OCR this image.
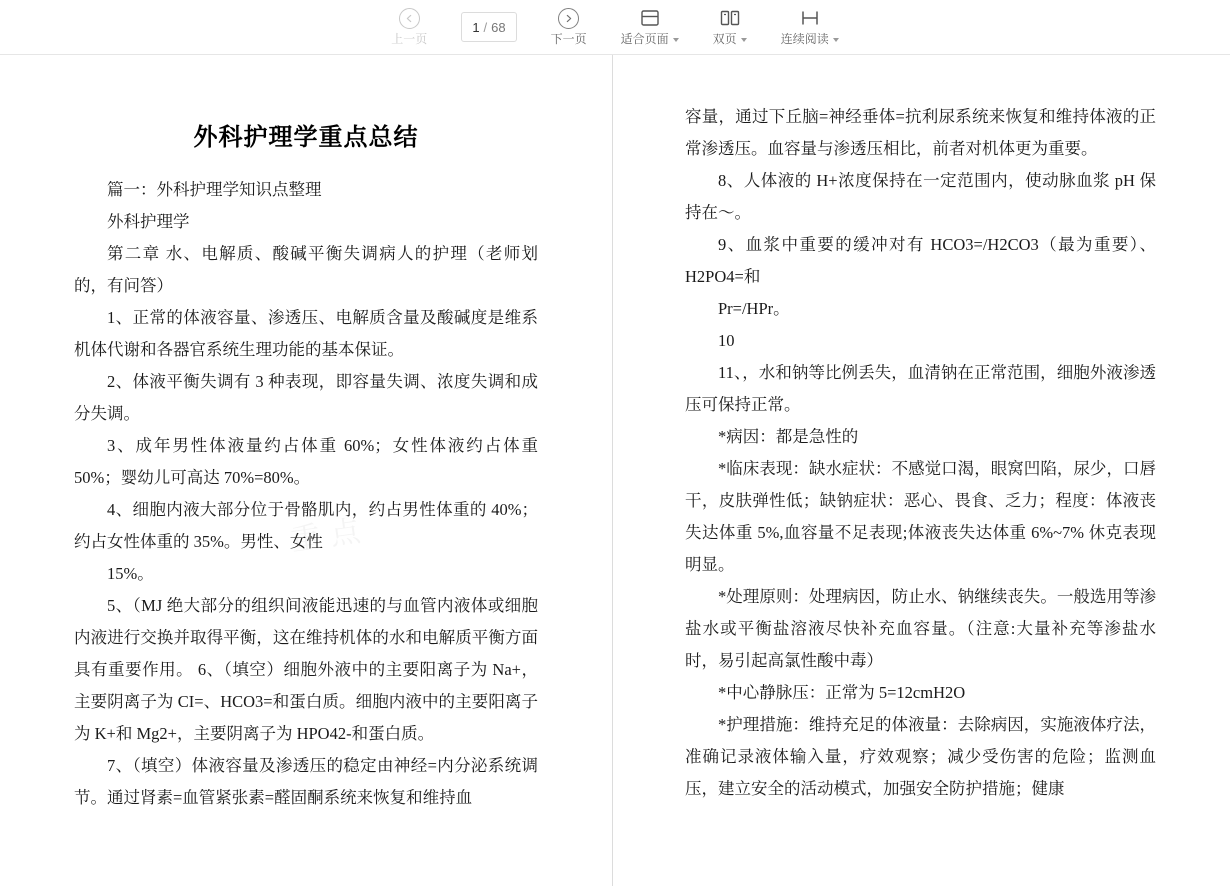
上一页
1 / 68
下一页	适合页面	双页	连续阅读
外科护理学重点总结

篇一：外科护理学知识点整理

外科护理学

第二章 水、电解质、酸碱平衡失调病人的护理（老师划的，有问答）

1、正常的体液容量、渗透压、电解质含量及酸碱度是维系机体代谢和各器官系统生理功能的基本保证。

2、体液平衡失调有 3 种表现，即容量失调、浓度失调和成分失调。

3、成年男性体液量约占体重 60%；女性体液约占体重 50%；婴幼儿可高达 70%=80%。

4、细胞内液大部分位于骨骼肌内，约占男性体重的 40%；约占女性体重的 35%。男性、女性

15%。

5、（MJ 绝大部分的组织间液能迅速的与血管内液体或细胞内液进行交换并取得平衡，这在维持机体的水和电解质平衡方面具有重要作用。 6、（填空）细胞外液中的主要阳离子为 Na+，主要阴离子为 CI=、HCO3=和蛋白质。细胞内液中的主要阳离子为 K+和 Mg2+，主要阴离子为 HPO42-和蛋白质。

7、（填空）体液容量及渗透压的稳定由神经=内分泌系统调节。通过肾素=血管紧张素=醛固酮系统来恢复和维持血

容量，通过下丘脑=神经垂体=抗利尿系统来恢复和维持体液的正常渗透压。血容量与渗透压相比，前者对机体更为重要。

8、人体液的 H+浓度保持在一定范围内，使动脉血浆 pH 保持在～。

9、血浆中重要的缓冲对有 HCO3=/H2CO3（最为重要）、H2PO4=和

Pr=/HPr。

10

11、，水和钠等比例丢失，血清钠在正常范围，细胞外液渗透压可保持正常。

*病因：都是急性的

*临床表现：缺水症状：不感觉口渴，眼窝凹陷，尿少，口唇干，皮肤弹性低；缺钠症状：恶心、畏食、乏力；程度：体液丧失达体重 5%,血容量不足表现;体液丧失达体重 6%~7% 休克表现明显。

*处理原则：处理病因，防止水、钠继续丧失。一般选用等渗盐水或平衡盐溶液尽快补充血容量。（注意:大量补充等渗盐水时，易引起高氯性酸中毒）

*中心静脉压：正常为 5=12cmH2O

*护理措施：维持充足的体液量：去除病因，实施液体疗法，准确记录液体输入量，疗效观察；减少受伤害的危险；监测血压，建立安全的活动模式，加强安全防护措施；健康
